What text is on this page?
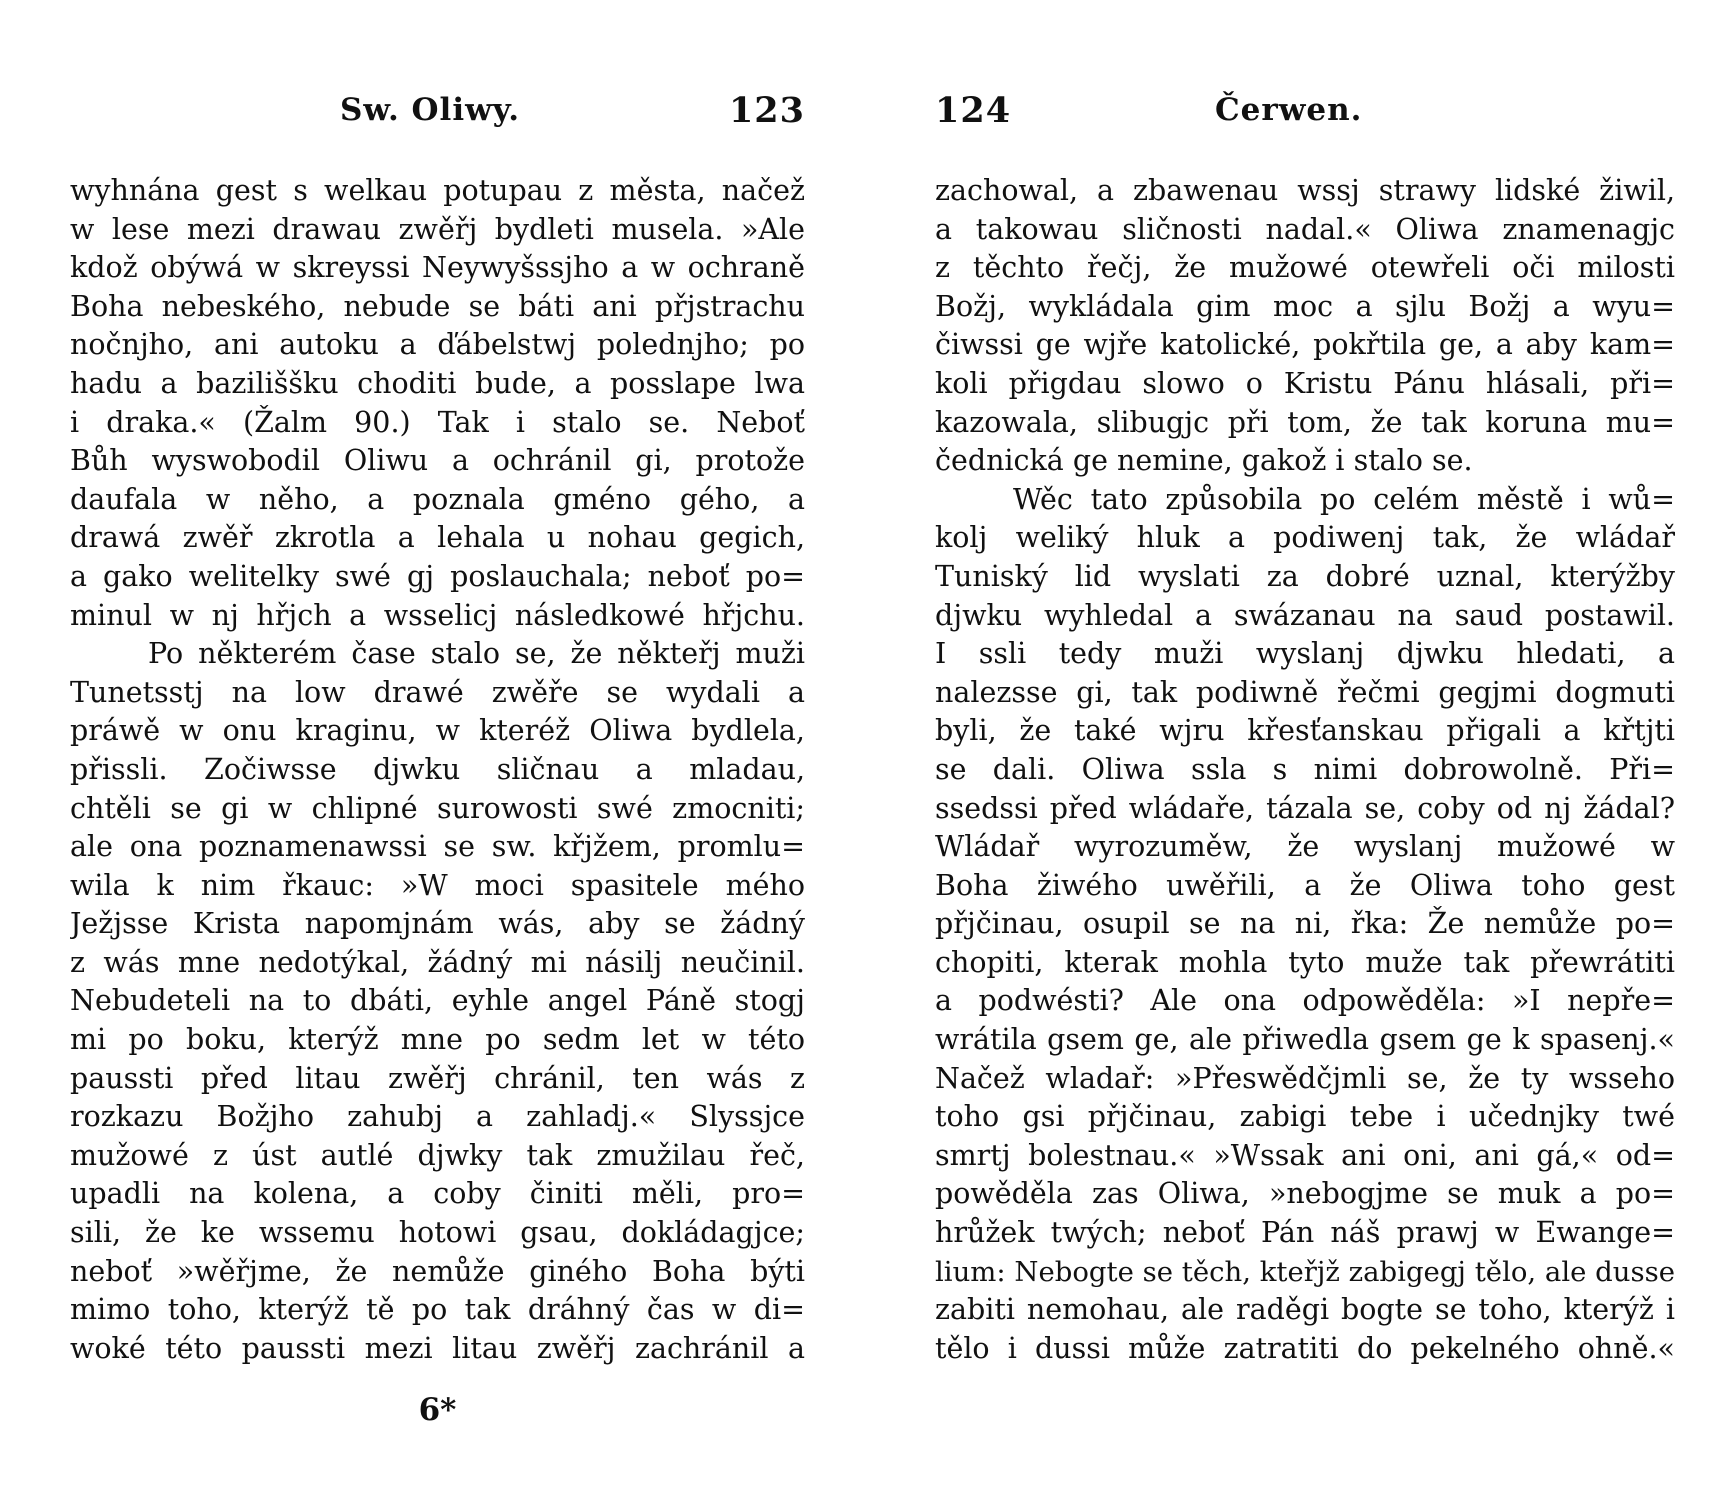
Sw. Oliwy.	123
wyhnána gest s welkau potupau z města, načež
w lese mezi drawau zwěřj bydleti musela. »Ale
kdož obýwá w skreyssi Neywyšssjho a w ochraně
Boha nebeského, nebude se báti ani přjstrachu
nočnjho, ani autoku a ďábelstwj polednjho; po
hadu a baziliššku choditi bude, a posslape lwa
i draka.« (Žalm 90.) Tak i stalo se. Neboť
Bůh wyswobodil Oliwu a ochránil gi, protože
daufala w něho, a poznala gméno gého, a
drawá zwěř zkrotla a lehala u nohau gegich,
a gako welitelky swé gj poslauchala; neboť po=
minul w nj hřjch a wsselicj následkowé hřjchu.
Po některém čase stalo se, že někteřj muži
Tunetsstj na low drawé zwěře se wydali a
práwě w onu kraginu, w kteréž Oliwa bydlela,
přissli. Zočiwsse djwku sličnau a mladau,
chtěli se gi w chlipné surowosti swé zmocniti;
ale ona poznamenawssi se sw. křjžem, promlu=
wila k nim řkauc: »W moci spasitele mého
Ježjsse Krista napomjnám wás, aby se žádný
z wás mne nedotýkal, žádný mi násilj neučinil.
Nebudeteli na to dbáti, eyhle angel Páně stogj
mi po boku, kterýž mne po sedm let w této
paussti před litau zwěřj chránil, ten wás z
rozkazu Božjho zahubj a zahladj.« Slyssjce
mužowé z úst autlé djwky tak zmužilau řeč,
upadli na kolena, a coby činiti měli, pro=
sili, že ke wssemu hotowi gsau, dokládagjce;
neboť »wěřjme, že nemůže giného Boha býti
mimo toho, kterýž tě po tak dráhný čas w di=
woké této paussti mezi litau zwěřj zachránil a
6*
124	Čerwen.
zachowal, a zbawenau wssj strawy lidské žiwil,
a takowau sličnosti nadal.« Oliwa znamenagjc
z těchto řečj, že mužowé otewřeli oči milosti
Božj, wykládala gim moc a sjlu Božj a wyu=
čiwssi ge wjře katolické, pokřtila ge, a aby kam=
koli přigdau slowo o Kristu Pánu hlásali, při=
kazowala, slibugjc při tom, že tak koruna mu=
čednická ge nemine, gakož i stalo se.
Wěc tato způsobila po celém městě i wů=
kolj weliký hluk a podiwenj tak, že wládař
Tuniský lid wyslati za dobré uznal, kterýžby
djwku wyhledal a swázanau na saud postawil.
I ssli tedy muži wyslanj djwku hledati, a
nalezsse gi, tak podiwně řečmi gegjmi dogmuti
byli, že také wjru křesťanskau přigali a křtjti
se dali. Oliwa ssla s nimi dobrowolně. Při=
ssedssi před wládaře, tázala se, coby od nj žádal?
Wládař wyrozuměw, že wyslanj mužowé w
Boha žiwého uwěřili, a že Oliwa toho gest
přjčinau, osupil se na ni, řka: Že nemůže po=
chopiti, kterak mohla tyto muže tak přewrátiti
a podwésti? Ale ona odpowěděla: »I nepře=
wrátila gsem ge, ale přiwedla gsem ge k spasenj.«
Načež wladař: »Přeswědčjmli se, že ty wsseho
toho gsi přjčinau, zabigi tebe i učednjky twé
smrtj bolestnau.« »Wssak ani oni, ani gá,« od=
powěděla zas Oliwa, »nebogjme se muk a po=
hrůžek twých; neboť Pán náš prawj w Ewange=
lium: Nebogte se těch, kteřjž zabigegj tělo, ale dusse
zabiti nemohau, ale raděgi bogte se toho, kterýž i
tělo i dussi může zatratiti do pekelného ohně.«
